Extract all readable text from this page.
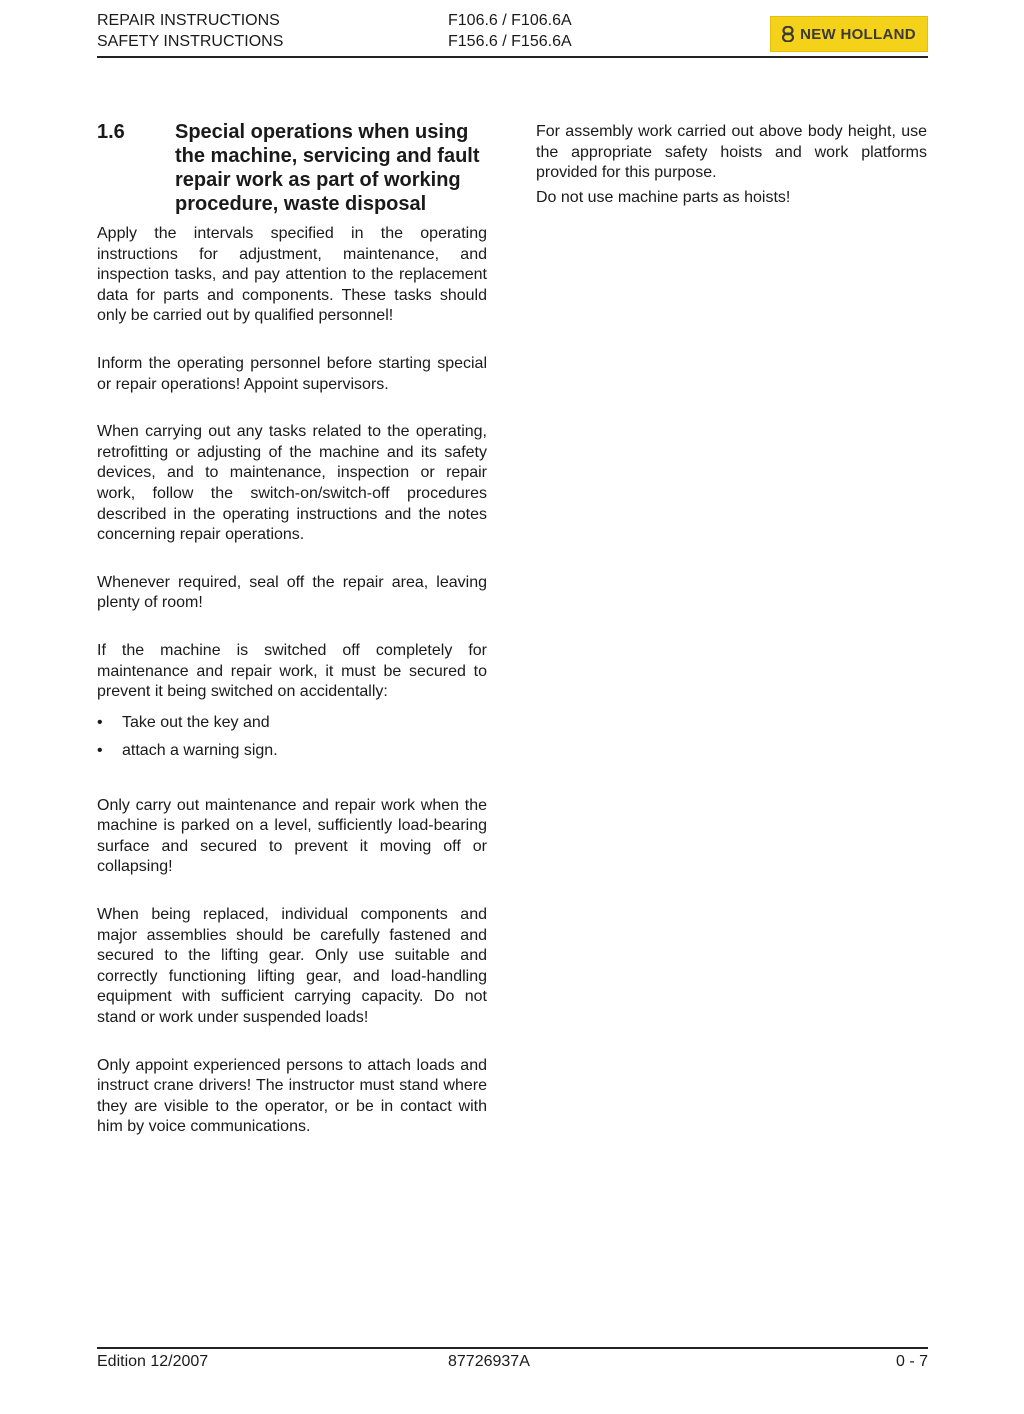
REPAIR INSTRUCTIONS
SAFETY INSTRUCTIONS
F106.6 / F106.6A
F156.6 / F156.6A	NEW HOLLAND
1.6	Special operations when using the machine, servicing and fault repair work as part of working procedure, waste disposal

Apply the intervals specified in the operating instructions for adjustment, maintenance, and inspection tasks, and pay attention to the replacement data for parts and components. These tasks should only be carried out by qualified personnel!

Inform the operating personnel before starting special or repair operations! Appoint supervisors.

When carrying out any tasks related to the operating, retrofitting or adjusting of the machine and its safety devices, and to maintenance, inspection or repair work, follow the switch-on/switch-off procedures described in the operating instructions and the notes concerning repair operations.

Whenever required, seal off the repair area, leaving plenty of room!

If the machine is switched off completely for maintenance and repair work, it must be secured to prevent it being switched on accidentally:

• Take out the key and
• attach a warning sign.

Only carry out maintenance and repair work when the machine is parked on a level, sufficiently load-bearing surface and secured to prevent it moving off or collapsing!

When being replaced, individual components and major assemblies should be carefully fastened and secured to the lifting gear. Only use suitable and correctly functioning lifting gear, and load-handling equipment with sufficient carrying capacity. Do not stand or work under suspended loads!

Only appoint experienced persons to attach loads and instruct crane drivers! The instructor must stand where they are visible to the operator, or be in contact with him by voice communications.

For assembly work carried out above body height, use the appropriate safety hoists and work platforms provided for this purpose.

Do not use machine parts as hoists!

Edition 12/2007	87726937A	0 - 7
